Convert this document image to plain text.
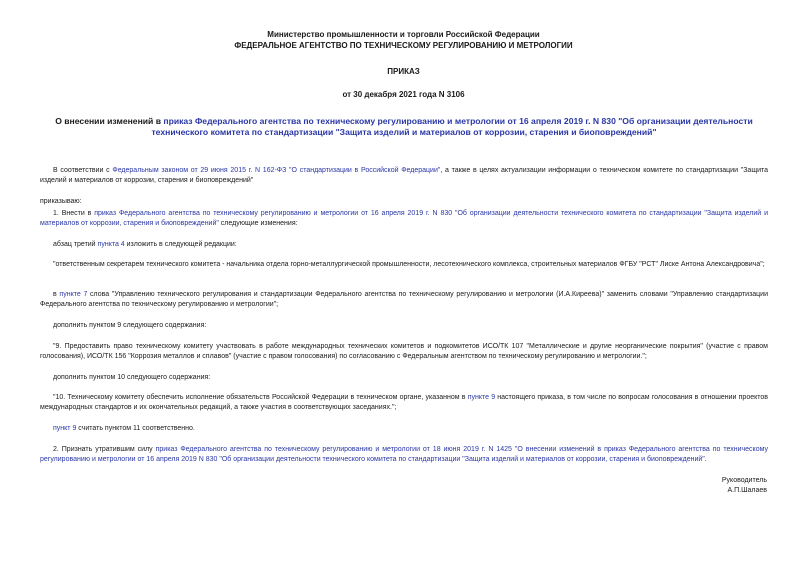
Министерство промышленности и торговли Российской Федерации
ФЕДЕРАЛЬНОЕ АГЕНТСТВО ПО ТЕХНИЧЕСКОМУ РЕГУЛИРОВАНИЮ И МЕТРОЛОГИИ
ПРИКАЗ
от 30 декабря 2021 года N 3106
О внесении изменений в приказ Федерального агентства по техническому регулированию и метрологии от 16 апреля 2019 г. N 830 "Об организации деятельности технического комитета по стандартизации "Защита изделий и материалов от коррозии, старения и биоповреждений"
В соответствии с Федеральным законом от 29 июня 2015 г. N 162-ФЗ "О стандартизации в Российской Федерации", а также в целях актуализации информации о техническом комитете по стандартизации "Защита изделий и материалов от коррозии, старения и биоповреждений"
приказываю:
1. Внести в приказ Федерального агентства по техническому регулированию и метрологии от 16 апреля 2019 г. N 830 "Об организации деятельности технического комитета по стандартизации "Защита изделий и материалов от коррозии, старения и биоповреждений" следующие изменения:
абзац третий пункта 4 изложить в следующей редакции:
"ответственным секретарем технического комитета - начальника отдела горно-металлургической промышленности, лесотехнического комплекса, строительных материалов ФГБУ "РСТ" Лиске Антона Александровича";
в пункте 7 слова "Управлению технического регулирования и стандартизации Федерального агентства по техническому регулированию и метрологии (И.А.Киреева)" заменить словами "Управлению стандартизации Федерального агентства по техническому регулированию и метрологии";
дополнить пунктом 9 следующего содержания:
"9. Предоставить право техническому комитету участвовать в работе международных технических комитетов и подкомитетов ИСО/ТК 107 "Металлические и другие неорганические покрытия" (участие с правом голосования), ИСО/ТК 156 "Коррозия металлов и сплавов" (участие с правом голосования) по согласованию с Федеральным агентством по техническому регулированию и метрологии.";
дополнить пунктом 10 следующего содержания:
"10. Техническому комитету обеспечить исполнение обязательств Российской Федерации в техническом органе, указанном в пункте 9 настоящего приказа, в том числе по вопросам голосования в отношении проектов международных стандартов и их окончательных редакций, а также участия в соответствующих заседаниях.";
пункт 9 считать пунктом 11 соответственно.
2. Признать утратившим силу приказ Федерального агентства по техническому регулированию и метрологии от 18 июня 2019 г. N 1425 "О внесении изменений в приказ Федерального агентства по техническому регулированию и метрологии от 16 апреля 2019 N 830 "Об организации деятельности технического комитета по стандартизации "Защита изделий и материалов от коррозии, старения и биоповреждений".
Руководитель
А.П.Шалаев
